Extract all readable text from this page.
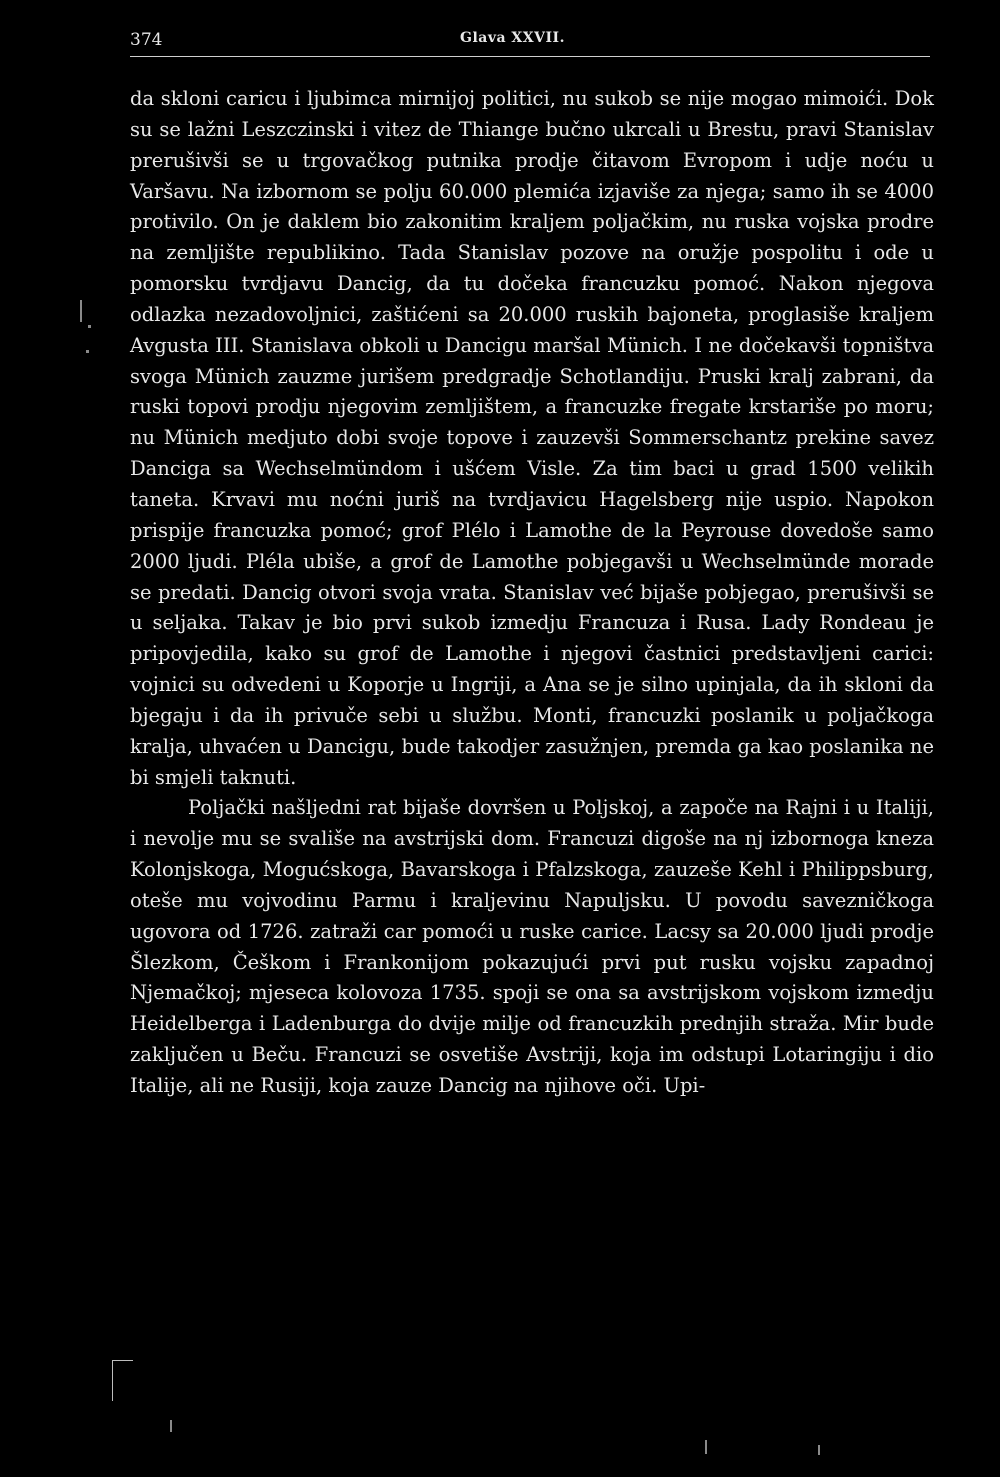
374	Glava XXVII.

da skloni caricu i ljubimca mirnijoj politici, nu sukob se nije mogao mimoići. Dok su se lažni Leszczinski i vitez de Thiange bučno ukrcali u Brestu, pravi Stanislav prerušivši se u trgovačkog putnika prodje čitavom Evropom i udje noću u Varšavu. Na izbornom se polju 60.000 plemića izjaviše za njega; samo ih se 4000 protivilo. On je daklem bio zakonitim kraljem poljačkim, nu ruska vojska prodre na zemljište republikino. Tada Stanislav pozove na oružje pospolitu i ode u pomorsku tvrdjavu Dancig, da tu dočeka francuzku pomoć. Nakon njegova odlazka nezadovoljnici, zaštićeni sa 20.000 ruskih bajoneta, proglasiše kraljem Avgusta III. Stanislava obkoli u Dancigu maršal Münich. I ne dočekavši topništva svoga Münich zauzme jurišem predgradje Schotlandiju. Pruski kralj zabrani, da ruski topovi prodju njegovim zemljištem, a francuzke fregate krstariše po moru; nu Münich medjuto dobi svoje topove i zauzevši Sommerschantz prekine savez Danciga sa Wechselmündom i ušćem Visle. Za tim baci u grad 1500 velikih taneta. Krvavi mu noćni juriš na tvrdjavicu Hagelsberg nije uspio. Napokon prispije francuzka pomoć; grof Plélo i Lamothe de la Peyrouse dovedoše samo 2000 ljudi. Pléla ubiše, a grof de Lamothe pobjegavši u Wechselmünde morade se predati. Dancig otvori svoja vrata. Stanislav već bijaše pobjegao, prerušivši se u seljaka. Takav je bio prvi sukob izmedju Francuza i Rusa. Lady Rondeau je pripovjedila, kako su grof de Lamothe i njegovi častnici predstavljeni carici: vojnici su odvedeni u Koporje u Ingriji, a Ana se je silno upinjala, da ih skloni da bjegaju i da ih privuče sebi u službu. Monti, francuzki poslanik u poljačkoga kralja, uhvaćen u Dancigu, bude takodjer zasužnjen, premda ga kao poslanika ne bi smjeli taknuti.

Poljački našljedni rat bijaše dovršen u Poljskoj, a započe na Rajni i u Italiji, i nevolje mu se svališe na avstrijski dom. Francuzi digoše na nj izbornoga kneza Kolonjskoga, Mogućskoga, Bavarskoga i Pfalzskoga, zauzeše Kehl i Philippsburg, oteše mu vojvodinu Parmu i kraljevinu Napuljsku. U povodu savezničkoga ugovora od 1726. zatraži car pomoći u ruske carice. Lacsy sa 20.000 ljudi prodje Šlezkom, Češkom i Frankonijom pokazujući prvi put rusku vojsku zapadnoj Njemačkoj; mjeseca kolovoza 1735. spoji se ona sa avstrijskom vojskom izmedju Heidelberga i Ladenburga do dvije milje od francuzkih prednjih straža. Mir bude zaključen u Beču. Francuzi se osvetiše Avstriji, koja im odstupi Lotaringiju i dio Italije, ali ne Rusiji, koja zauze Dancig na njihove oči. Upi-
